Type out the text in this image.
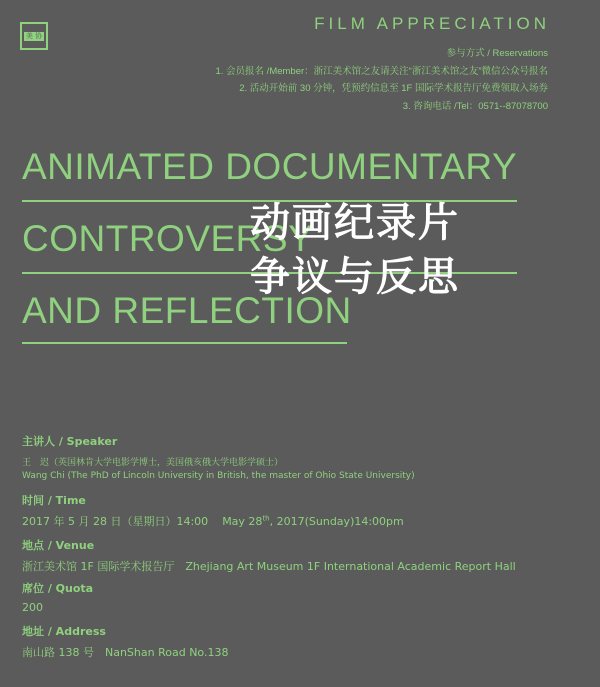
美 协
FILM APPRECIATION
参与方式 / Reservations
1. 会员报名 /Member：浙江美术馆之友请关注“浙江美术馆之友”微信公众号报名
2. 活动开始前 30 分钟，凭预约信息至 1F 国际学术报告厅免费领取入场券
3. 咨询电话 /Tel：0571--87078700
ANIMATED DOCUMENTARY
CONTROVERSY
AND REFLECTION
动画纪录片
争议与反思
主讲人 / Speaker
王　迟（英国林肯大学电影学博士，美国俄亥俄大学电影学硕士）
Wang Chi (The PhD of Lincoln University in British, the master of Ohio State University)
时间 / Time
2017 年 5 月 28 日（星期日）14:00 May 28th, 2017(Sunday)14:00pm
地点 / Venue
浙江美术馆 1F 国际学术报告厅　Zhejiang Art Museum 1F International Academic Report Hall
席位 / Quota
200
地址 / Address
南山路 138 号　NanShan Road No.138
